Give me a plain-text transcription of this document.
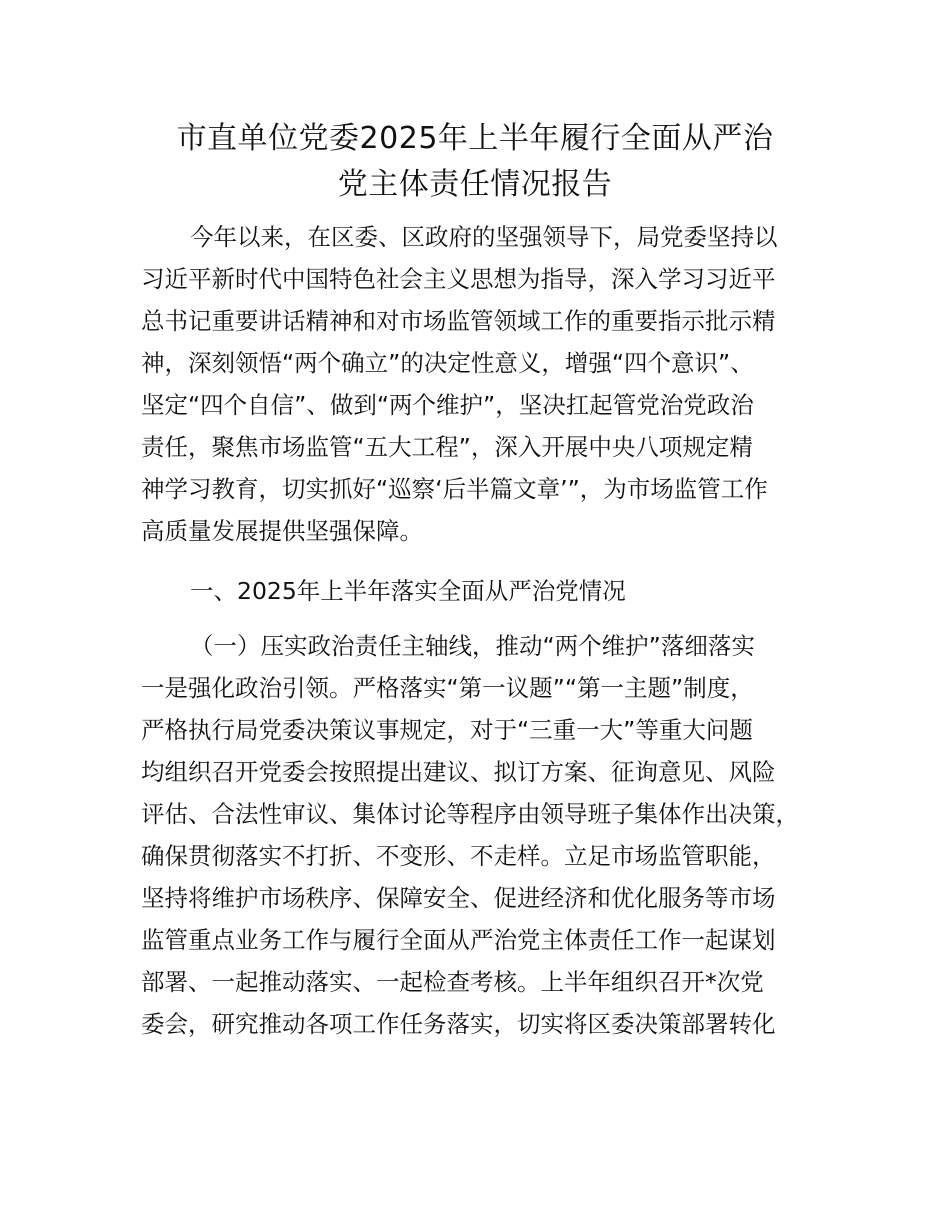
市直单位党委2025年上半年履行全面从严治
党主体责任情况报告
今年以来，在区委、区政府的坚强领导下，局党委坚持以
习近平新时代中国特色社会主义思想为指导，深入学习习近平
总书记重要讲话精神和对市场监管领域工作的重要指示批示精
神，深刻领悟“两个确立”的决定性意义，增强“四个意识”、
坚定“四个自信”、做到“两个维护”，坚决扛起管党治党政治
责任，聚焦市场监管“五大工程”，深入开展中央八项规定精
神学习教育，切实抓好“巡察‘后半篇文章’”，为市场监管工作
高质量发展提供坚强保障。
一、2025年上半年落实全面从严治党情况
（一）压实政治责任主轴线，推动“两个维护”落细落实
一是强化政治引领。严格落实“第一议题”“第一主题”制度，
严格执行局党委决策议事规定，对于“三重一大”等重大问题
均组织召开党委会按照提出建议、拟订方案、征询意见、风险
评估、合法性审议、集体讨论等程序由领导班子集体作出决策，
确保贯彻落实不打折、不变形、不走样。立足市场监管职能，
坚持将维护市场秩序、保障安全、促进经济和优化服务等市场
监管重点业务工作与履行全面从严治党主体责任工作一起谋划
部署、一起推动落实、一起检查考核。上半年组织召开*次党
委会，研究推动各项工作任务落实，切实将区委决策部署转化
